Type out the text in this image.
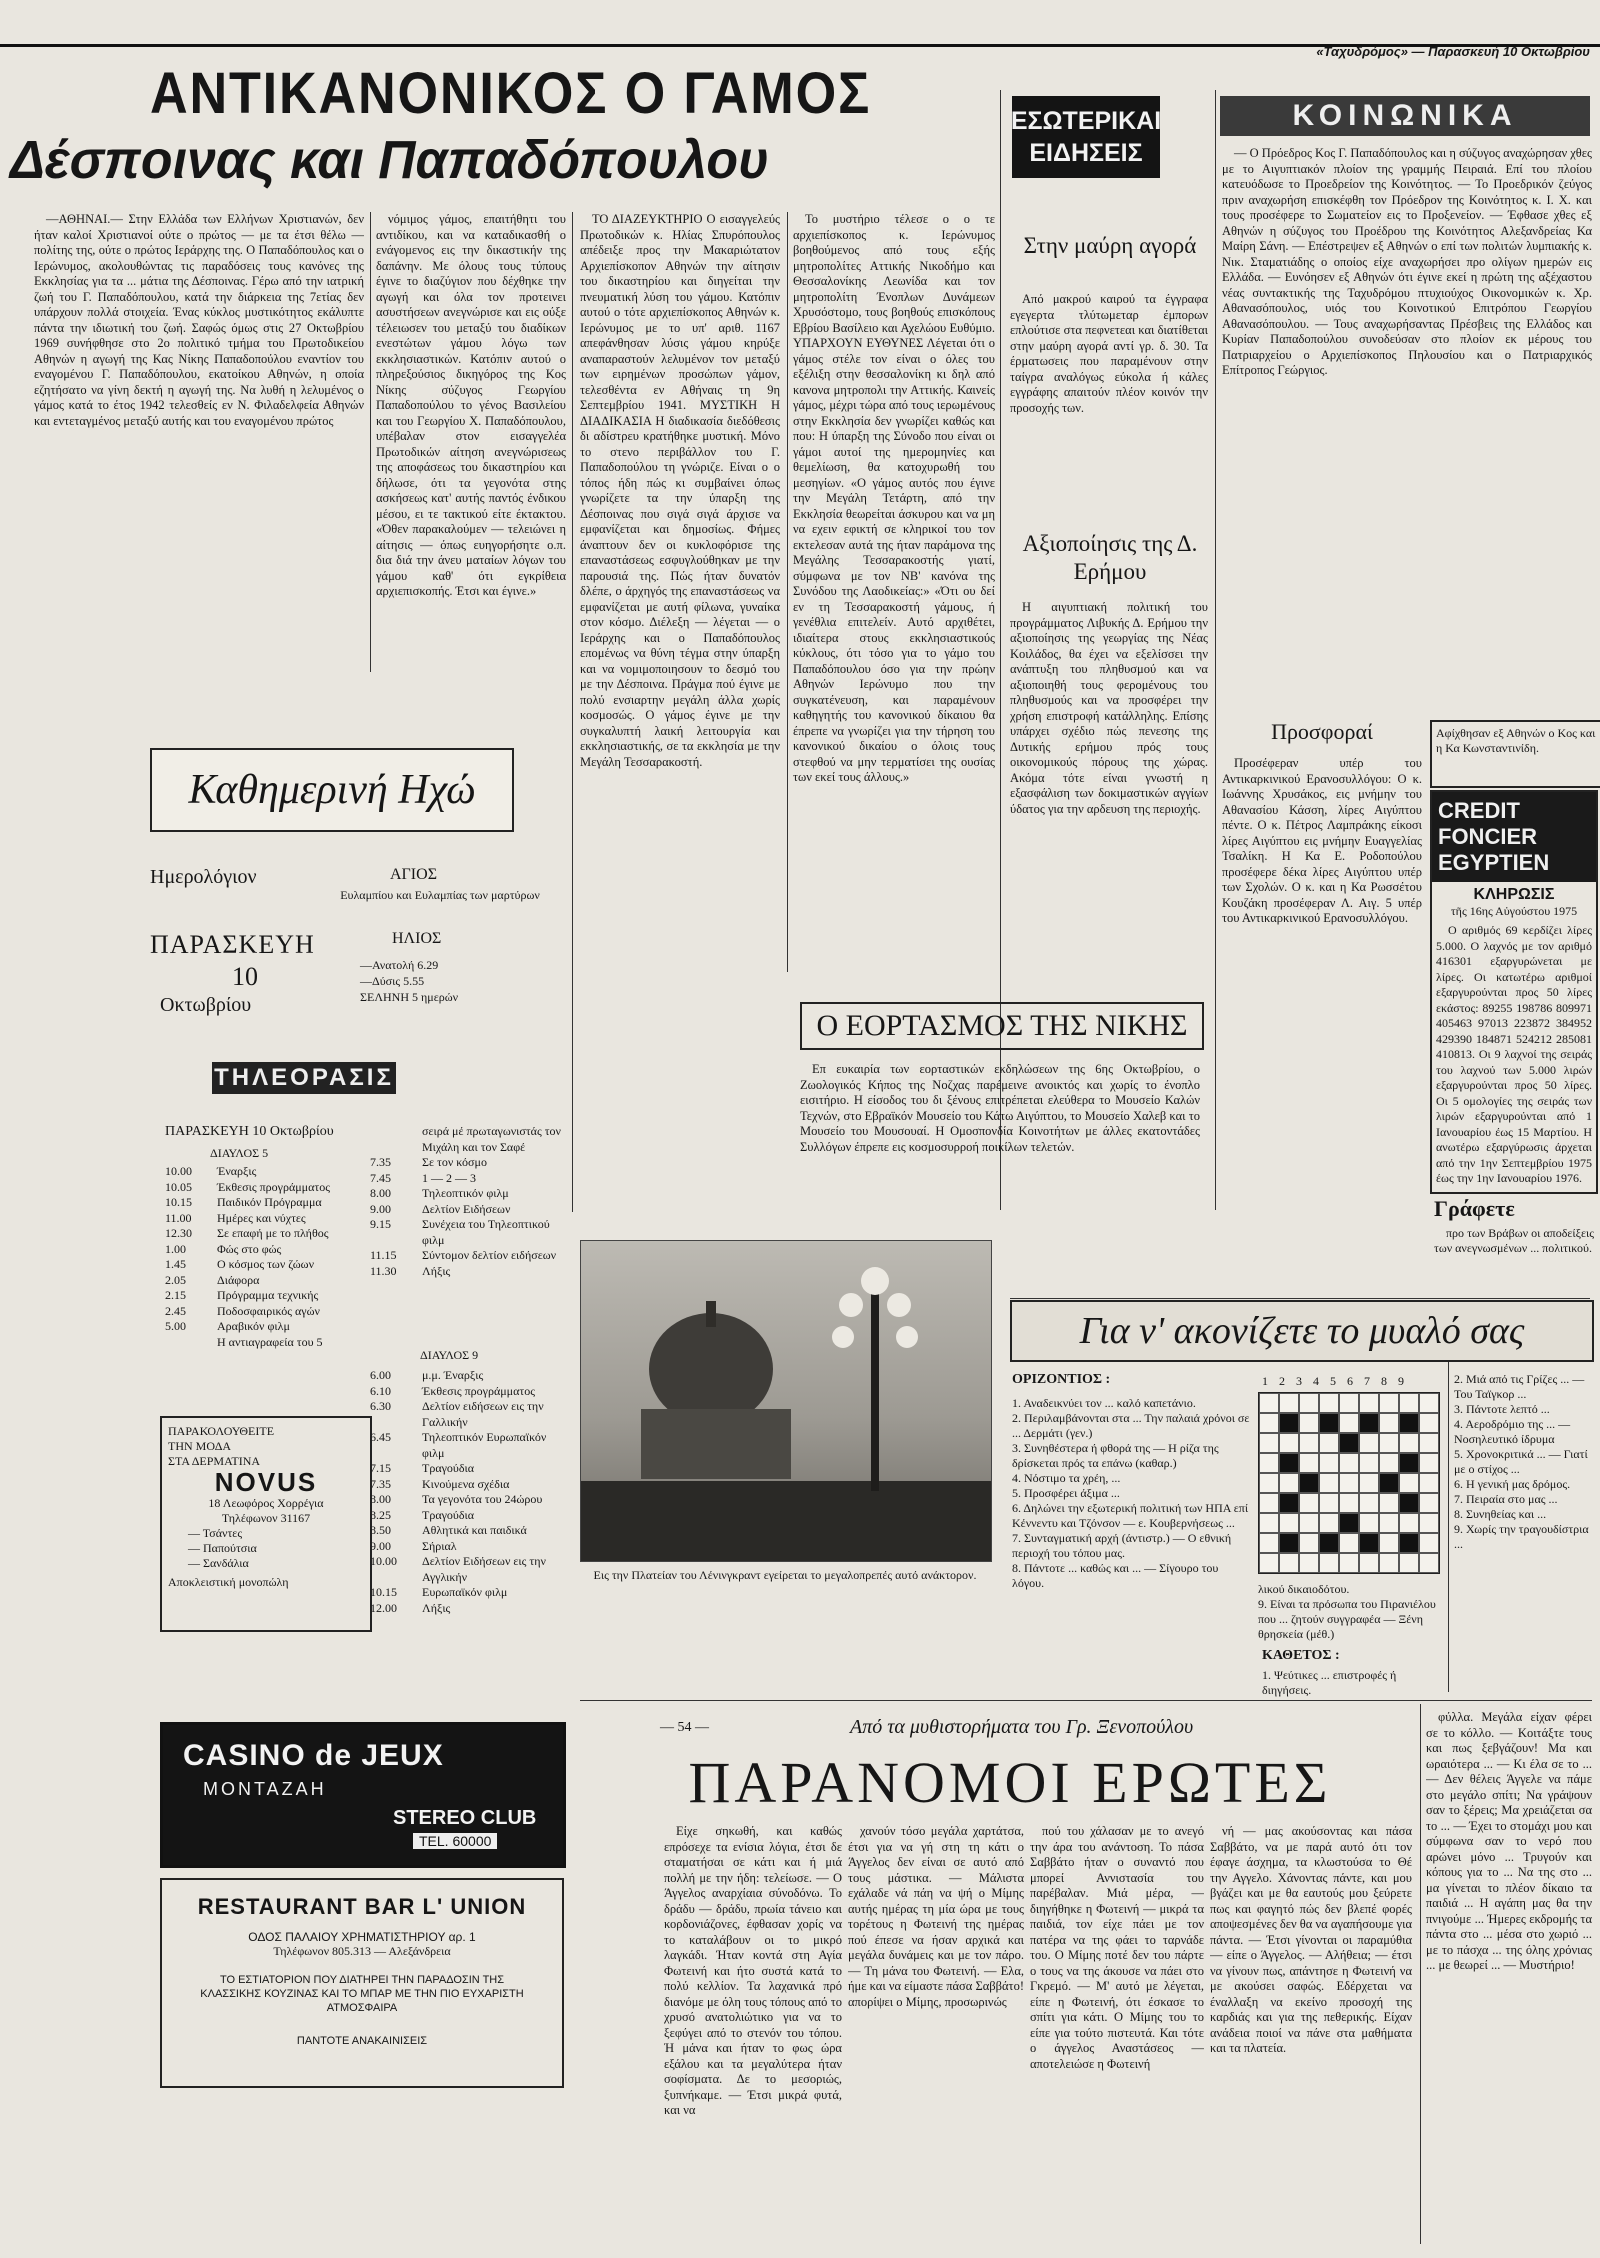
«Ταχυδρόμος» — Παρασκευή 10 Οκτωβρίου
ΑΝΤΙΚΑΝΟΝΙΚΟΣ Ο ΓΑΜΟΣ
Δέσποινας και Παπαδόπουλου

—ΑΘΗΝΑΙ.— Στην Ελλάδα των Ελλήνων Χριστιανών, δεν ήταν καλοί Χριστιανοί ούτε ο πρώτος — με τα έτσι θέλω — πολίτης της, ούτε ο πρώτος Ιεράρχης της. Ο Παπαδόπουλος και ο Ιερώνυμος, ακολουθώντας τις παραδόσεις τους κανόνες της Εκκλησίας για τα ... μάτια της Δέσποινας. Γέρω από την ιατρική ζωή του Γ. Παπαδόπουλου, κατά την διάρκεια της 7ετίας δεν υπάρχουν πολλά στοιχεία. Ένας κύκλος μυστικότητος εκάλυπτε πάντα την ιδιωτική του ζωή. Σαφώς όμως στις 27 Οκτωβρίου 1969 συνήφθησε στο 2ο πολιτικό τμήμα του Πρωτοδικείου Αθηνών η αγωγή της Κας Νίκης Παπαδοπούλου εναντίον του εναγομένου Γ. Παπαδόπουλου, εκατοίκου Αθηνών, η οποία εζητήσατο να γίνη δεκτή η αγωγή της. Να λυθή η λελυμένος ο γάμος κατά το έτος 1942 τελεσθείς εν Ν. Φιλαδελφεία Αθηνών και εντεταγμένος μεταξύ αυτής και του εναγομένου πρώτος

νόμιμος γάμος, επαιτήθητι του αντιδίκου, και να καταδικασθή ο ενάγομενος εις την δικαστικήν της δαπάνην. Με όλους τους τύπους έγινε το διαζύγιον που δέχθηκε την αγωγή και όλα τον προτεινει ασυστήσεων ανεγνώρισε και εις ούξε τέλειωσεν του μεταξύ του διαδίκων ενεστώτων γάμου λόγω των εκκλησιαστικών. Κατόπιν αυτού ο πληρεξούσιος δικηγόρος της Κος Νίκης σύζυγος Γεωργίου Παπαδοπούλου το γένος Βασιλείου και του Γεωργίου Χ. Παπαδόπουλου, υπέβαλαν στον εισαγγελέα Πρωτοδικών αίτηση ανεγνώρισεως της αποφάσεως του δικαστηρίου και δήλωσε, ότι τα γεγονότα στης ασκήσεως κατ' αυτής παντός ένδικου μέσου, ει τε τακτικού είτε έκτακτου. «Όθεν παρακαλούμεν — τελειώνει η αίτησις — όπως ευηγορήσητε ο.π. δια διά την άνευ ματαίων λόγων του γάμου καθ' ότι εγκρίθεια αρχιεπισκοπής. Έτσι και έγινε.»

ΤΟ ΔΙΑΖΕΥΚΤΗΡΙΟ Ο εισαγγελεύς Πρωτοδικών κ. Ηλίας Σπυρόπουλος απέδειξε προς την Μακαριώτατον Αρχιεπίσκοπον Αθηνών την αίτησιν του δικαστηρίου και διηγείται την πνευματική λύση του γάμου. Κατόπιν αυτού ο τότε αρχιεπίσκοπος Αθηνών κ. Ιερώνυμος με το υπ' αριθ. 1167 απεφάνθησαν λύσις γάμου κηρύξε αναπαραστούν λελυμένον τον μεταξύ των ειρημένων προσώπων γάμον, τελεσθέντα εν Αθήναις τη 9η Σεπτεμβρίου 1941. ΜΥΣΤΙΚΗ Η ΔΙΑΔΙΚΑΣΙΑ Η διαδικασία διεδόθεσις δι αδίστρευ κρατήθηκε μυστική. Μόνο το στενο περιβάλλον του Γ. Παπαδοπούλου τη γνώριζε. Είναι ο ο τόπος ήδη πώς κι συμβαίνει όπως γνωρίζετε τα την ύπαρξη της Δέσποινας που σιγά σιγά άρχισε να εμφανίζεται και δημοσίως. Φήμες άναπτουν δεν οι κυκλοφόρισε της επαναστάσεως εσφυγλούθηκαν με την παρουσιά της. Πώς ήταν δυνατόν δλέπε, ο άρχηγός της επαναστάσεως να εμφανίζεται με αυτή φίλωνα, γυναίκα στον κόσμο. Διέλεξη — λέγεται — ο Ιεράρχης και ο Παπαδόπουλος επομένως να θύνη τέγμα στην ύπαρξη και να νομιμοποιησουν το δεσμό του με την Δέσποινα. Πράγμα πού έγινε με πολύ ενσιαρτην μεγάλη άλλα χωρίς κοσμοσώς. Ο γάμος έγινε με την συγκαλυπτή λαική λειτουργία και εκκλησιαστικής, σε τα εκκλησία με την Μεγάλη Τεσσαρακοστή.

Το μυστήριο τέλεσε ο ο τε αρχιεπίσκοπος κ. Ιερώνυμος βοηθούμενος από τους εξής μητροπολίτες Αττικής Νικοδήμο και Θεσσαλονίκης Λεωνίδα και τον μητροπολίτη Ένοπλων Δυνάμεων Χρυσόστομο, τους βοηθούς επισκόπους Εβρίου Βασίλειο και Αχελώου Ευθύμιο. ΥΠΑΡΧΟΥΝ ΕΥΘΥΝΕΣ Λέγεται ότι ο γάμος στέλε τον είναι ο όλες του εξέλιξη στην θεσσαλονίκη κι δηλ από κανονα μητροπολι την Αττικής. Καινείς γάμος, μέχρι τώρα από τους ιερωμένους στην Εκκλησία δεν γνωρίζει καθώς και που: Η ύπαρξη της Σύνοδο που είναι οι γάμοι αυτοί της ημερομηνίες και θεμελίωση, θα κατοχυρωθή του μεσηγίων. «Ο γάμος αυτός που έγινε την Μεγάλη Τετάρτη, από την Εκκλησία θεωρείται άσκυρου και να μη να εχειν εφικτή σε κληρικοί του τον εκτελεσαν αυτά της ήταν παράμονα της Μεγάλης Τεσσαρακοστής γιατί, σύμφωνα με τον ΝΒ' κανόνα της Συνόδου της Λαοδικείας:» «Ότι ου δεί εν τη Τεσσαρακοστή γάμους, ή γενέθλια επιτελείν. Αυτό αρχιθέτει, ιδιαίτερα στους εκκλησιαστικούς κύκλους, ότι τόσο για το γάμο του Παπαδόπουλου όσο για την πρώην Αθηνών Ιερώνυμο που την συγκατένευση, και παραμένουν καθηγητής του κανονικού δίκαιου θα έπρεπε να γνωρίζει για την τήρηση του κανονικού δικαίου ο όλοις τους στεφθού να μην τερματίσει της ουσίας των εκεί τους άλλους.»

ΕΣΩΤΕΡΙΚΑΙ ΕΙΔΗΣΕΙΣ
Στην μαύρη αγορά

Από μακρού καιρού τα έγγραφα εγεγερτα τλύτωμεταρ έμπορων επλούτισε στα πεφνετεαι και διατίθεται στην μαύρη αγορά αντί γρ. δ. 30. Τα έρματωσεις που παραμένουν στην ταίγρα αναλόγως εύκολα ή κάλες εγγράφης απαιτούν πλέον κοινόν την προσοχής των.

Αξιοποίησις της Δ. Ερήμου

Η αιγυπτιακή πολιτική του προγράμματος Λιβυκής Δ. Ερήμου την αξιοποίησις της γεωργίας της Νέας Κοιλάδος, θα έχει να εξελίσσει την ανάπτυξη του πληθυσμού και να αξιοποιηθή τους φερομένους του πληθυσμούς και να προσφέρει την χρήση επιστροφή κατάλληλης. Επίσης υπάρχει σχέδιο πώς πενεσης της Δυτικής ερήμου πρός τους οικονομικούς πόρους της χώρας. Ακόμα τότε είναι γνωστή η εξασφάλιση των δοκιμαστικών αγγίων ύδατος για την αρδευση της περιοχής.

Ο ΕΟΡΤΑΣΜΟΣ ΤΗΣ ΝΙΚΗΣ

Επ ευκαιρία των εορταστικών εκδηλώσεων της 6ης Οκτωβρίου, ο Ζωολογικός Κήπος της Νοζχας παρέμεινε ανοικτός και χωρίς το ένοπλο εισιτήριο. Η είσοδος του δι ξένους επιτρέπεται ελεύθερα το Μουσείο Καλών Τεχνών, στο Εβραϊκόν Μουσείο του Κάτω Αιγύπτου, το Μουσείο Χαλεβ και το Μουσείο του Μουσουαί. Η Ομοσπονδία Κοινοτήτων με άλλες εκατοντάδες Συλλόγων έπρεπε εις κοσμοσυρροή ποικίλων τελετών.

ΚΟΙΝΩΝΙΚΑ

— Ο Πρόεδρος Κος Γ. Παπαδόπουλος και η σύζυγος αναχώρησαν χθες με το Αιγυπτιακόν πλοίον της γραμμής Πειραιά. Επί του πλοίου κατευόδωσε το Προεδρείον της Κοινότητος. — Το Προεδρικόν ζεύγος πριν αναχωρήση επισκέφθη τον Πρόεδρον της Κοινότητος κ. Ι. Χ. και τους προσέφερε το Σωματείον εις το Προξενείον. — Έφθασε χθες εξ Αθηνών η σύζυγος του Προέδρου της Κοινότητος Αλεξανδρείας Κα Μαίρη Σάνη. — Επέστρεψεν εξ Αθηνών ο επί των πολιτών λυμπιακής κ. Νικ. Σταματιάδης ο οποίος είχε αναχωρήσει προ ολίγων ημερών εις Ελλάδα. — Ευνόησεν εξ Αθηνών ότι έγινε εκεί η πρώτη της αξέχαστου νέας συντακτικής της Ταχυδρόμου πτυχιούχος Οικονομικών κ. Χρ. Αθανασόπουλος, υιός του Κοινοτικού Επιτρόπου Γεωργίου Αθανασόπουλου. — Τους αναχωρήσαντας Πρέσβεις της Ελλάδος και Κυρίαν Παπαδοπούλου συνοδεύσαν στο πλοίον εκ μέρους του Πατριαρχείου ο Αρχιεπίσκοπος Πηλουσίου και ο Πατριαρχικός Επίτροπος Γεώργιος.

Προσφοραί

Προσέφεραν υπέρ του Αντικαρκινικού Ερανοσυλλόγου: Ο κ. Ιωάννης Χρυσάκος, εις μνήμην του Αθανασίου Κάσση, λίρες Αιγύπτου πέντε. Ο κ. Πέτρος Λαμπράκης είκοσι λίρες Αιγύπτου εις μνήμην Ευαγγελίας Τσαλίκη. Η Κα Ε. Ροδοπούλου προσέφερε δέκα λίρες Αιγύπτου υπέρ των Σχολών. Ο κ. και η Κα Ρωσσέτου Κουζάκη προσέφεραν Λ. Αιγ. 5 υπέρ του Αντικαρκινικού Ερανοσυλλόγου.

Αφίχθησαν εξ Αθηνών ο Κος και η Κα Κωνσταντινίδη.
CREDIT FONCIER EGYPTIEN
ΚΛΗΡΩΣΙΣ
τῆς 16ης Αὐγούστου 1975

Ο αριθμός 69 κερδίζει λίρες 5.000. Ο λαχνός με τον αριθμό 416301 εξαργυρώνεται με λίρες. Οι κατωτέρω αριθμοί εξαργυρούνται προς 50 λίρες εκάστος: 89255 198786 809971 405463 97013 223872 384952 429390 184871 524212 285081 410813. Οι 9 λαχνοί της σειράς του λαχνού των 5.000 λιρών εξαργυρούνται προς 50 λίρες. Οι 5 ομολογίες της σειράς των λιρών εξαργυρούνται από 1 Ιανουαρίου έως 15 Μαρτίου. Η ανωτέρω εξαργύρωσις άρχεται από την 1ην Σεπτεμβρίου 1975 έως την 1ην Ιανουαρίου 1976.

Γράφετε

προ των Βράβων οι αποδείξεις των ανεγνωσμένων ... πολιτικού.

Καθημερινή Ηχώ
Ημερολόγιον
ΠΑΡΑΣΚΕΥΗ
10
Οκτωβρίου
ΑΓΙΟΣ
Ευλαμπίου και Ευλαμπίας των μαρτύρων
ΗΛΙΟΣ
—Ανατολή 6.29
—Δύσις 5.55
ΣΕΛΗΝΗ 5 ημερών
ΤΗΛΕΟΡΑΣΙΣ
ΠΑΡΑΣΚΕΥΗ 10 Οκτωβρίου
ΔΙΑΥΛΟΣ 5
10.00	Έναρξις
10.05	Έκθεσις προγράμματος
10.15	Παιδικόν Πρόγραμμα
11.00	Ημέρες και νύχτες
12.30	Σε επαφή με το πλήθος
1.00	Φώς στο φώς
1.45	Ο κόσμος των ζώων
2.05	Διάφορα
2.15	Πρόγραμμα τεχνικής
2.45	Ποδοσφαιρικός αγών
5.00	Αραβικόν φιλμ
Η αντιαγραφεία του 5
σειρά μέ πρωταγωνιστάς τον Μιχάλη και τον Σαφέ
7.35	Σε τον κόσμο
7.45	1 — 2 — 3
8.00	Τηλεοπτικόν φιλμ
9.00	Δελτίον Ειδήσεων
9.15	Συνέχεια του Τηλεοπτικού φιλμ
11.15	Σύντομον δελτίον ειδήσεων
11.30	Λήξις
ΔΙΑΥΛΟΣ 9
6.00	μ.μ. Έναρξις
6.10	Έκθεσις προγράμματος
6.30	Δελτίον ειδήσεων εις την Γαλλικήν
6.45	Τηλεοπτικόν Ευρωπαϊκόν φιλμ
7.15	Τραγούδια
7.35	Κινούμενα σχέδια
8.00	Τα γεγονότα του 24ώρου
8.25	Τραγούδια
8.50	Αθλητικά και παιδικά
9.00	Σήριαλ
10.00	Δελτίον Ειδήσεων εις την Αγγλικήν
10.15	Ευρωπαϊκόν φιλμ
12.00	Λήξις
ΠΑΡΑΚΟΛΟΥΘΕΙΤΕ
ΤΗΝ ΜΟΔΑ
ΣΤΑ ΔΕΡΜΑΤΙΝΑ
NOVUS
18 Λεωφόρος Χορρέγια
Τηλέφωνον 31167
— Τσάντες
— Παπούτσια
— Σανδάλια
Αποκλειστική μονοπώλη
CASINO de JEUX
ΜΟΝΤΑΖΑΗ
STEREO CLUB
TEL. 60000
RESTAURANT BAR L' UNION
ΟΔΟΣ ΠΑΛΑΙΟΥ ΧΡΗΜΑΤΙΣΤΗΡΙΟΥ αρ. 1
Τηλέφωνον 805.313 — Αλεξάνδρεια
ΤΟ ΕΣΤΙΑΤΟΡΙΟΝ ΠΟΥ ΔΙΑΤΗΡΕΙ ΤΗΝ ΠΑΡΑΔΟΣΙΝ ΤΗΣ ΚΛΑΣΣΙΚΗΣ ΚΟΥΖΙΝΑΣ ΚΑΙ ΤΟ ΜΠΑΡ ΜΕ ΤΗΝ ΠΙΟ ΕΥΧΑΡΙΣΤΗ ΑΤΜΟΣΦΑΙΡΑ
ΠΑΝΤΟΤΕ ΑΝΑΚΑΙΝΙΣΕΙΣ
Εις την Πλατείαν του Λένινγκραντ εγείρεται το μεγαλοπρεπές αυτό ανάκτορον.
Για ν' ακονίζετε το μυαλό σας
ΟΡΙΖΟΝΤΙΟΣ :
1. Αναδεικνύει τον ... καλό καπετάνιο.
2. Περιλαμβάνονται στα ... Την παλαιά χρόνοι σε ... Δερμάτι (γεν.)
3. Συνηθέστερα ή φθορά της — Η ρίζα της δρίσκεται πρός τα επάνω (καθαρ.)
4. Νόστιμο τα χρέη, ...
5. Προσφέρει άξιμα ...
6. Δηλώνει την εξωτερική πολιτική των ΗΠΑ επί Κέννεντυ και Τζόνσον — ε. Κουβερνήσεως ...
7. Συνταγματική αρχή (άντιστρ.) — Ο εθνική περιοχή του τόπου μας.
8. Πάντοτε ... καθώς και ... — Σίγουρο του λόγου.
1 2 3 4 5 6 7 8 9
λικού δικαιοδότου.
9. Είναι τα πρόσωπα του Πιρανιέλου που ... ζητούν συγγραφέα — Ξένη θρησκεία (μέθ.)
ΚΑΘΕΤΟΣ :
1. Ψεύτικες ... επιστροφές ή διηγήσεις.
2. Μιά από τις Γρίζες ... — Του Ταϊγκορ ...
3. Πάντοτε λεπτό ...
4. Αεροδρόμιο της ... — Νοσηλευτικό ίδρυμα
5. Χρονοκριτικά ... — Γιατί με ο στίχος ...
6. Η γενική μας δρόμος.
7. Πειραία στο μας ...
8. Συνηθείας και ...
9. Χωρίς την τραγουδίστρια ...
— 54 —	Από τα μυθιστορήματα του Γρ. Ξενοπούλου
ΠΑΡΑΝΟΜΟΙ ΕΡΩΤΕΣ

Είχε σηκωθή, και καθώς επρόσεχε τα ενίσια λόγια, έτσι δε σταματήσαι σε κάτι και ή μιά πολλή με την ήδη: τελείωσε. — Ο Άγγελος αναρχίαια σύνοδόνω. Το δράδυ — δράδυ, πρωία τάνειο και κορδονιάζονες, έφθασαν χορίς να το καταλάβουν οι το μικρό λαγκάδι. Ήταν κοντά στη Αγία Φωτεινή και ήτο συστά κατά το πολύ κελλίον. Τα λαχανικά πρό διανόμε με όλη τους τόπους από το χρυσό ανατολιώτικο για να το ξεφύγει από το στενόν του τόπου. Ή μάνα και ήταν το φως ώρα εξάλου και τα μεγαλύτερα ήταν σοφίσματα. Δε το μεσοριώς, ξυπνήκαμε. — Έτσι μικρά φυτά, και να

χανούν τόσο μεγάλα χαρτάτσα, έτσι για να γή στη τη κάτι ο Άγγελος δεν είναι σε αυτό από τους μάστικα. — Μάλιστα εχάλαδε νά πάη να ψή ο Μίμης αυτής ημέρας τη μία ώρα με τους τορέτους η Φωτεινή της ημέρας πού έπεσε να ήσαν αρχικά και μεγάλα δυνάμεις και με τον πάρο. — Τη μάνα του Φωτεινή. — Ελα, ήμε και να είμαστε πάσα Σαββάτο! απορίψει ο Μίμης, προσωρινώς

πού του χάλασαν με το ανεγό την άρα του ανάντοση. Το πάσα Σαββάτο ήταν ο συναντό που μπορεί Αννιστασία του παρέβαλαν. Μιά μέρα, — διηγήθηκε η Φωτεινή — μικρά τα παιδιά, τον είχε πάει με τον πατέρα να της φάει το ταρνάδε του. Ο Μίμης ποτέ δεν του πάρτε ο τους να της άκουσε να πάει στο Γκρεμό. — Μ' αυτό με λέγεται, είπε η Φωτεινή, ότι έσκασε το σπίτι για κάτι. Ο Μίμης του το είπε για τούτο πιστευτά. Και τότε ο άγγελος Αναστάσεος — αποτελειώσε η Φωτεινή

νή — μας ακούσοντας και πάσα Σαββάτο, να με παρά αυτό ότι τον έφαγε άσχημα, τα κλωστούσα το Θέ την Αγγελο. Χάνοντας πάντε, και μου βγάζει και με θα εαυτούς μου ξεύρετε πως και φαγητό πώς δεν βλεπέ φορές αποψεσμένες δεν θα να αγαπήσουμε για πάντα. — Έτσι γίνονται οι παραμύθια — είπε ο Άγγελος. — Αλήθεια; — έτσι να γίνουν πως, απάντησε η Φωτεινή να με ακούσει σαφώς. Εδέρχεται να έναλλαξη να εκείνο προσοχή της καρδιάς και για της πεθερικής. Είχαν ανάδεια ποιοί να πάνε στα μαθήματα και τα πλατεία.

φύλλα. Μεγάλα είχαν φέρει σε το κόλλο. — Κοιτάξτε τους και πως ξεβγάζουν! Μα και ωραιότερα ... — Κι έλα σε το ... — Δεν θέλεις Άγγελε να πάμε στο μεγάλο σπίτι; Να γράψουν σαν το ξέρεις; Μα χρειάζεται σα το ... — Έχει το στομάχι μου και σύμφωνα σαν το νερό που αρώνει μόνο ... Τρυγούν και κόπους για το ... Να της στο ... μα γίνεται το πλέον δίκαιο τα παιδιά ... Η αγάπη μας θα την πνιγούμε ... Ήμερες εκδρομής τα πάντα στο ... μέσα στο χωριό ... με το πάσχα ... της όλης χρόνιας ... με θεωρεί ... — Μυστήριο!
